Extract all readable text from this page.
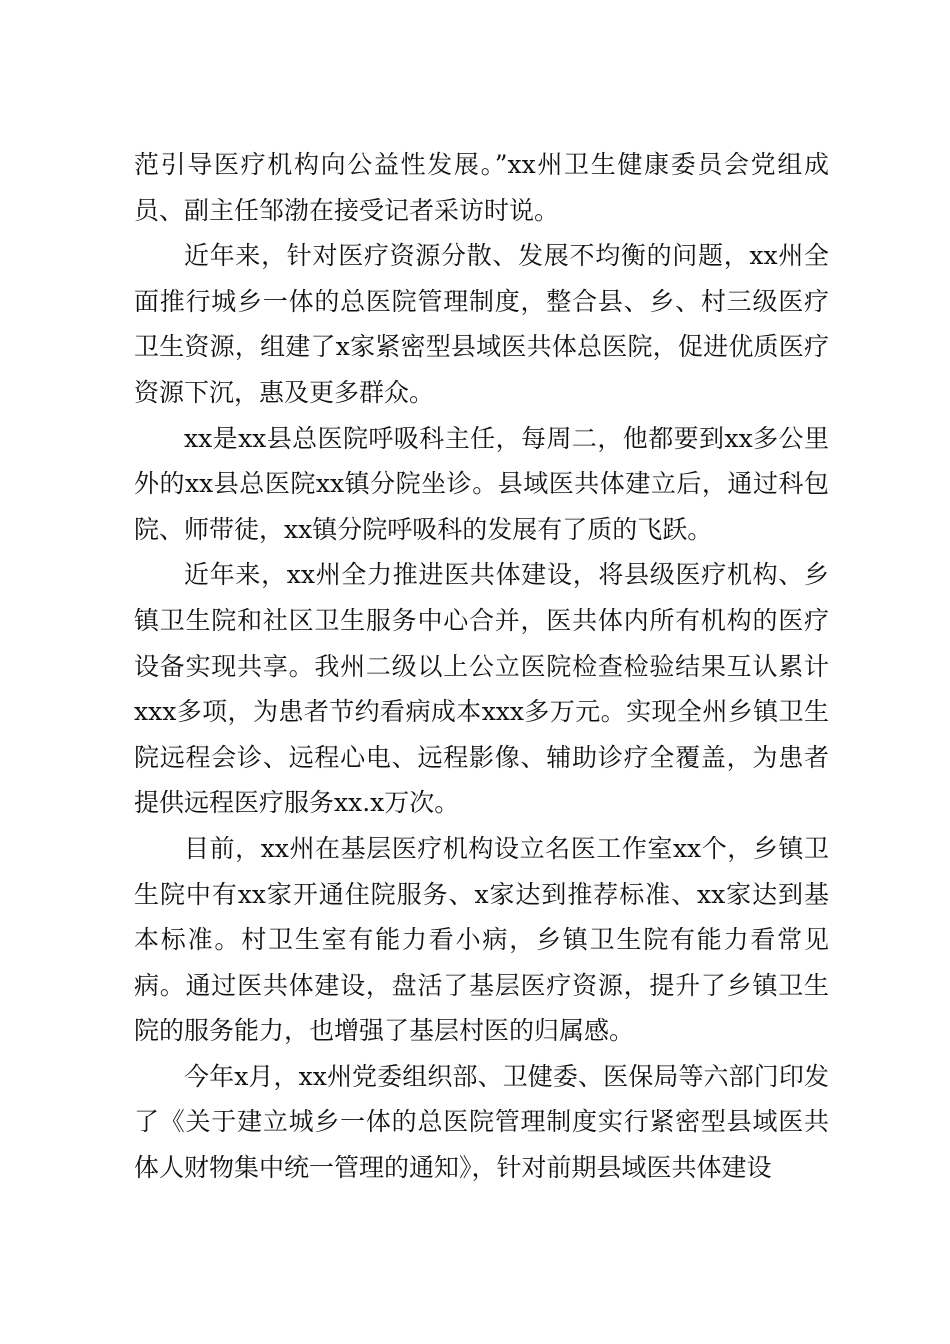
范引导医疗机构向公益性发展。”xx州卫生健康委员会党组成员、副主任邹渤在接受记者采访时说。

近年来，针对医疗资源分散、发展不均衡的问题，xx州全面推行城乡一体的总医院管理制度，整合县、乡、村三级医疗卫生资源，组建了x家紧密型县域医共体总医院，促进优质医疗资源下沉，惠及更多群众。

xx是xx县总医院呼吸科主任，每周二，他都要到xx多公里外的xx县总医院xx镇分院坐诊。县域医共体建立后，通过科包院、师带徒，xx镇分院呼吸科的发展有了质的飞跃。

近年来，xx州全力推进医共体建设，将县级医疗机构、乡镇卫生院和社区卫生服务中心合并，医共体内所有机构的医疗设备实现共享。我州二级以上公立医院检查检验结果互认累计xxx多项，为患者节约看病成本xxx多万元。实现全州乡镇卫生院远程会诊、远程心电、远程影像、辅助诊疗全覆盖，为患者提供远程医疗服务xx.x万次。

目前，xx州在基层医疗机构设立名医工作室xx个，乡镇卫生院中有xx家开通住院服务、x家达到推荐标准、xx家达到基本标准。村卫生室有能力看小病，乡镇卫生院有能力看常见病。通过医共体建设，盘活了基层医疗资源，提升了乡镇卫生院的服务能力，也增强了基层村医的归属感。

今年x月，xx州党委组织部、卫健委、医保局等六部门印发了《关于建立城乡一体的总医院管理制度实行紧密型县域医共体人财物集中统一管理的通知》，针对前期县域医共体建设
